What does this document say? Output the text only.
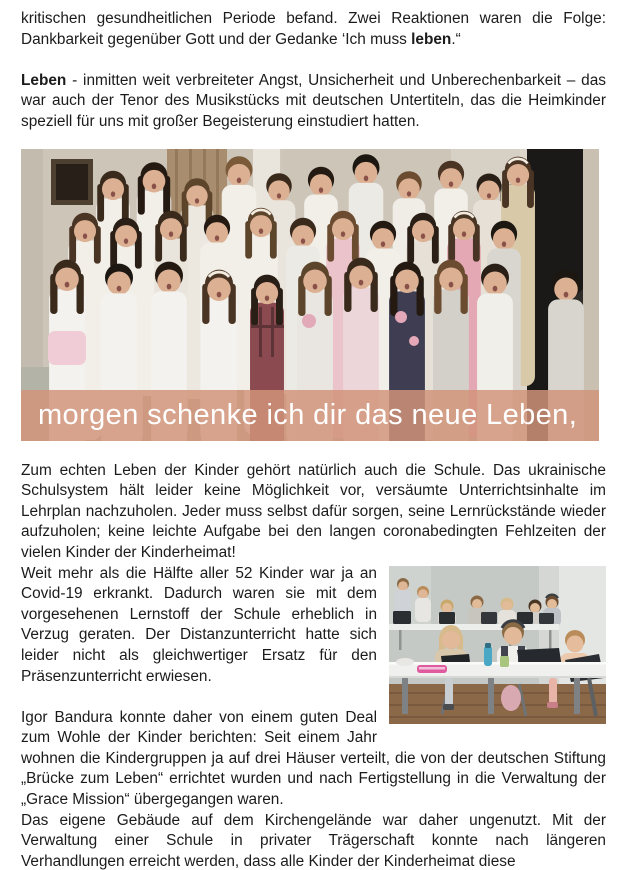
kritischen gesundheitlichen Periode befand. Zwei Reaktionen waren die Folge: Dankbarkeit gegenüber Gott und der Gedanke ‘Ich muss leben.“

Leben - inmitten weit verbreiteter Angst, Unsicherheit und Unberechenbarkeit – das war auch der Tenor des Musikstücks mit deutschen Untertiteln, das die Heimkinder speziell für uns mit großer Begeisterung einstudiert hatten.

morgen schenke ich dir das neue Leben,

Zum echten Leben der Kinder gehört natürlich auch die Schule. Das ukrainische Schulsystem hält leider keine Möglichkeit vor, versäumte Unterrichtsinhalte im Lehrplan nachzuholen. Jeder muss selbst dafür sorgen, seine Lernrückstände wieder aufzuholen; keine leichte Aufgabe bei den langen coronabedingten Fehlzeiten der vielen Kinder der Kinderheimat!

Weit mehr als die Hälfte aller 52 Kinder war ja an Covid-19 erkrankt. Dadurch waren sie mit dem vorgesehenen Lernstoff der Schule erheblich in Verzug geraten. Der Distanzunterricht hatte sich leider nicht als gleichwertiger Ersatz für den Präsenzunterricht erwiesen.

Igor Bandura konnte daher von einem guten Deal zum Wohle der Kinder berichten: Seit einem Jahr wohnen die Kindergruppen ja auf drei Häuser verteilt, die von der deutschen Stiftung „Brücke zum Leben“ errichtet wurden und nach Fertigstellung in die Verwaltung der „Grace Mission“ übergegangen waren.

Das eigene Gebäude auf dem Kirchengelände war daher ungenutzt. Mit der Verwaltung einer Schule in privater Trägerschaft konnte nach längeren Verhandlungen erreicht werden, dass alle Kinder der Kinderheimat diese
